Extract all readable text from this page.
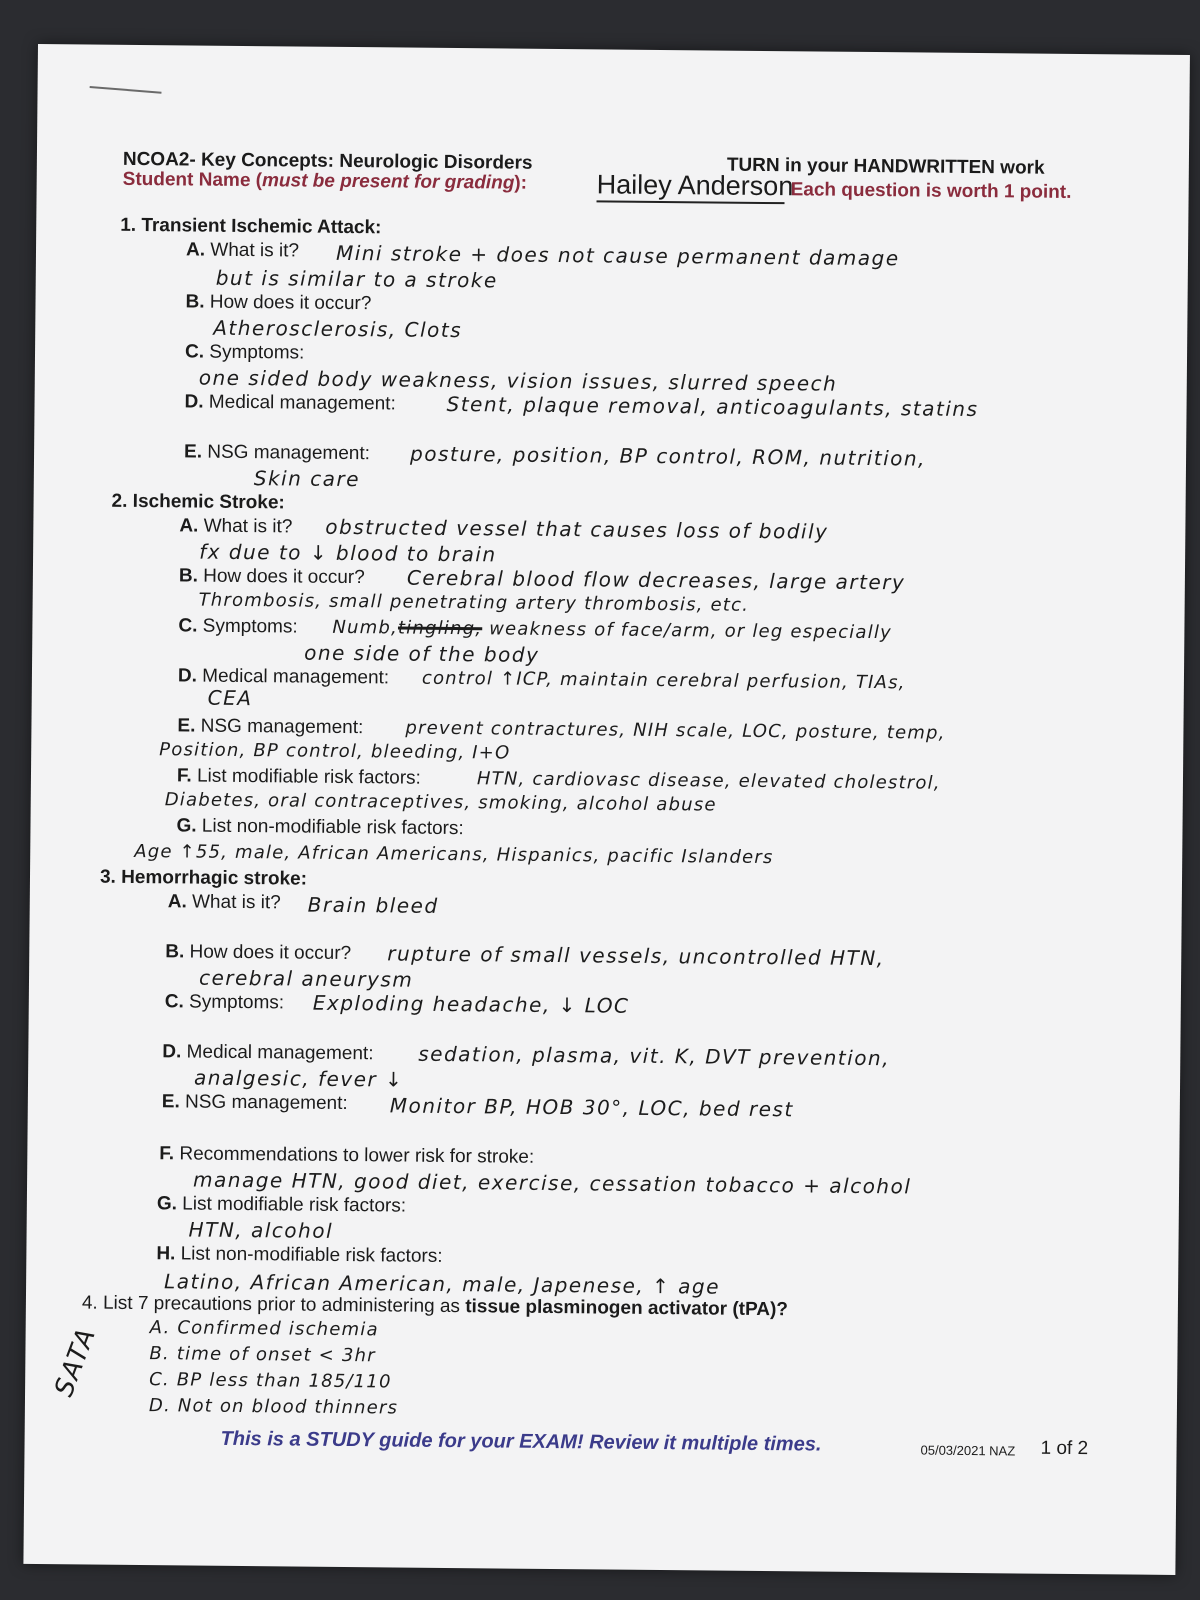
NCOA2- Key Concepts: Neurologic Disorders	TURN in your HANDWRITTEN work
Student Name (must be present for grading):	Hailey Anderson
Each question is worth 1 point.
1. Transient Ischemic Attack:
A. What is it? Mini stroke + does not cause permanent damage
but is similar to a stroke
B. How does it occur?
Atherosclerosis, Clots
C. Symptoms:
one sided body weakness, vision issues, slurred speech
D. Medical management:	Stent, plaque removal, anticoagulants, statins
E. NSG management: posture, position, BP control, ROM, nutrition,
Skin care
2. Ischemic Stroke:
A. What is it? obstructed vessel that causes loss of bodily
fx due to ↓ blood to brain
B. How does it occur? Cerebral blood flow decreases, large artery
Thrombosis, small penetrating artery thrombosis, etc.
C. Symptoms: Numb,tingling, weakness of face/arm, or leg especially
one side of the body
D. Medical management: control ↑ICP, maintain cerebral perfusion, TIAs,
CEA
E. NSG management: prevent contractures, NIH scale, LOC, posture, temp,
Position, BP control, bleeding, I+O
F. List modifiable risk factors:	HTN, cardiovasc disease, elevated cholestrol,
Diabetes, oral contraceptives, smoking, alcohol abuse
G. List non-modifiable risk factors:
Age ↑55, male, African Americans, Hispanics, pacific Islanders
3. Hemorrhagic stroke:
A. What is it? Brain bleed
B. How does it occur? rupture of small vessels, uncontrolled HTN,
cerebral aneurysm
C. Symptoms: Exploding headache, ↓ LOC
D. Medical management: sedation, plasma, vit. K, DVT prevention,
analgesic, fever ↓
E. NSG management: Monitor BP, HOB 30°, LOC, bed rest
F. Recommendations to lower risk for stroke:
manage HTN, good diet, exercise, cessation tobacco + alcohol
G. List modifiable risk factors:
HTN, alcohol
H. List non-modifiable risk factors:
Latino, African American, male, Japenese, ↑ age
4. List 7 precautions prior to administering as tissue plasminogen activator (tPA)?
A. Confirmed ischemia
B. time of onset < 3hr
C. BP less than 185/110
D. Not on blood thinners
SATA
This is a STUDY guide for your EXAM! Review it multiple times.	05/03/2021 NAZ 1 of 2
